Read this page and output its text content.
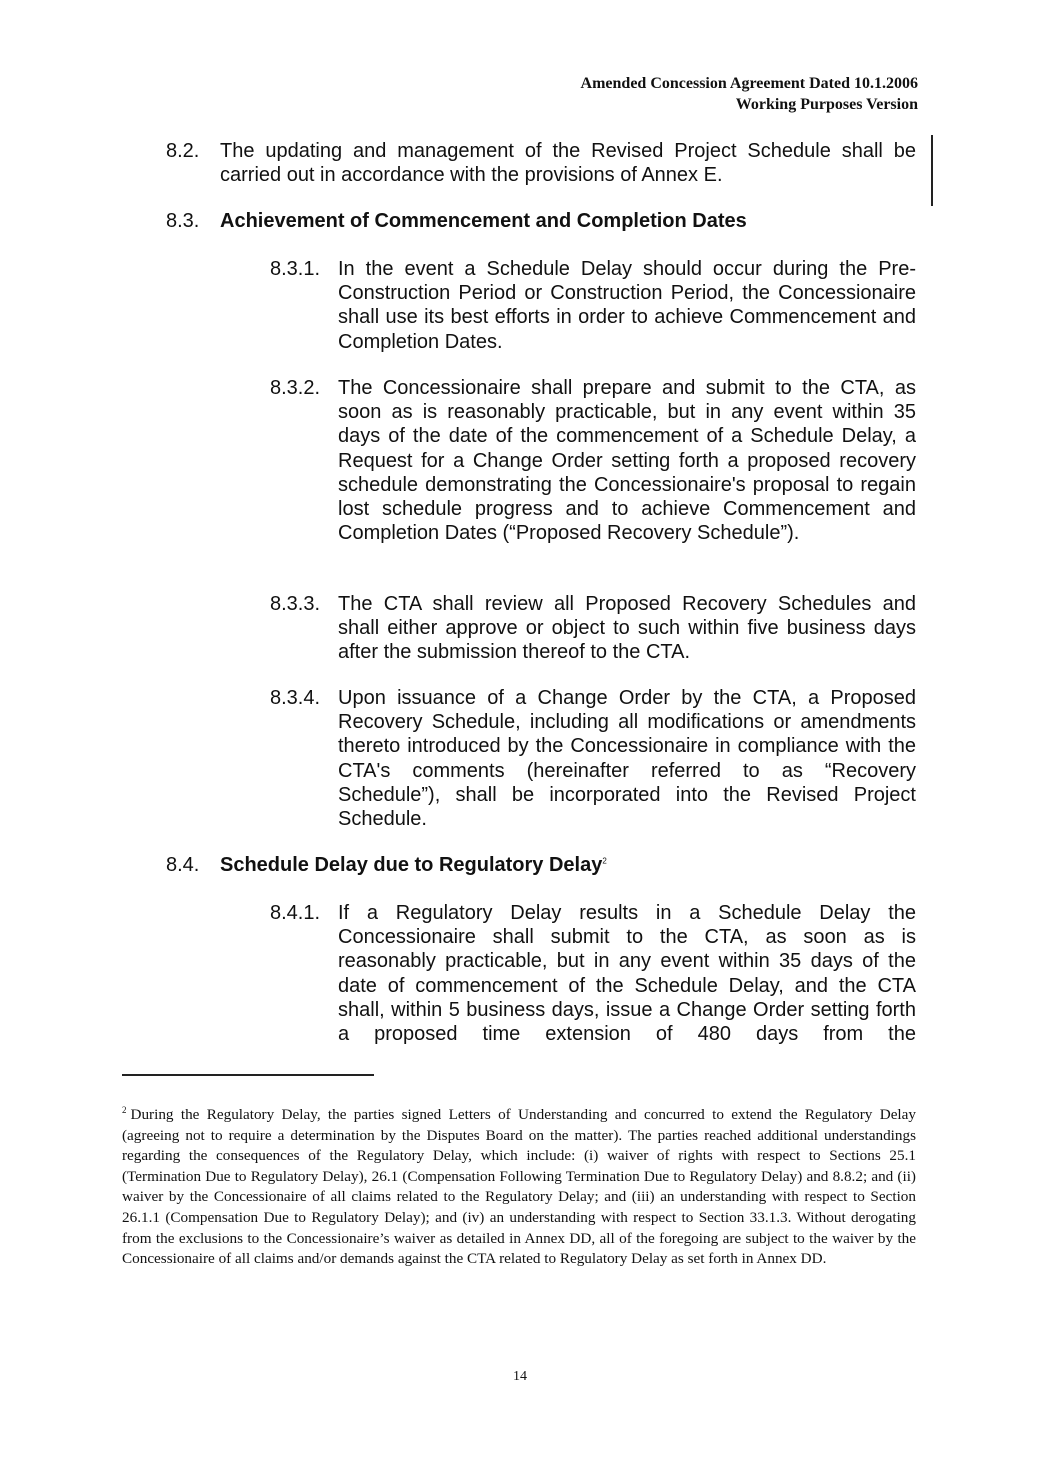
Amended Concession Agreement Dated 10.1.2006
Working Purposes Version
8.2. The updating and management of the Revised Project Schedule shall be carried out in accordance with the provisions of Annex E.
8.3. Achievement of Commencement and Completion Dates
8.3.1. In the event a Schedule Delay should occur during the Pre-Construction Period or Construction Period, the Concessionaire shall use its best efforts in order to achieve Commencement and Completion Dates.
8.3.2. The Concessionaire shall prepare and submit to the CTA, as soon as is reasonably practicable, but in any event within 35 days of the date of the commencement of a Schedule Delay, a Request for a Change Order setting forth a proposed recovery schedule demonstrating the Concessionaire's proposal to regain lost schedule progress and to achieve Commencement and Completion Dates (“Proposed Recovery Schedule”).
8.3.3. The CTA shall review all Proposed Recovery Schedules and shall either approve or object to such within five business days after the submission thereof to the CTA.
8.3.4. Upon issuance of a Change Order by the CTA, a Proposed Recovery Schedule, including all modifications or amendments thereto introduced by the Concessionaire in compliance with the CTA's comments (hereinafter referred to as “Recovery Schedule”), shall be incorporated into the Revised Project Schedule.
8.4. Schedule Delay due to Regulatory Delay$^2$
8.4.1. If a Regulatory Delay results in a Schedule Delay the Concessionaire shall submit to the CTA, as soon as is reasonably practicable, but in any event within 35 days of the date of commencement of the Schedule Delay, and the CTA shall, within 5 business days, issue a Change Order setting forth a proposed time extension of 480 days from the
$^2$ During the Regulatory Delay, the parties signed Letters of Understanding and concurred to extend the Regulatory Delay (agreeing not to require a determination by the Disputes Board on the matter). The parties reached additional understandings regarding the consequences of the Regulatory Delay, which include: (i) waiver of rights with respect to Sections 25.1 (Termination Due to Regulatory Delay), 26.1 (Compensation Following Termination Due to Regulatory Delay) and 8.8.2; and (ii) waiver by the Concessionaire of all claims related to the Regulatory Delay; and (iii) an understanding with respect to Section 26.1.1 (Compensation Due to Regulatory Delay); and (iv) an understanding with respect to Section 33.1.3. Without derogating from the exclusions to the Concessionaire’s waiver as detailed in Annex DD, all of the foregoing are subject to the waiver by the Concessionaire of all claims and/or demands against the CTA related to Regulatory Delay as set forth in Annex DD.
14
